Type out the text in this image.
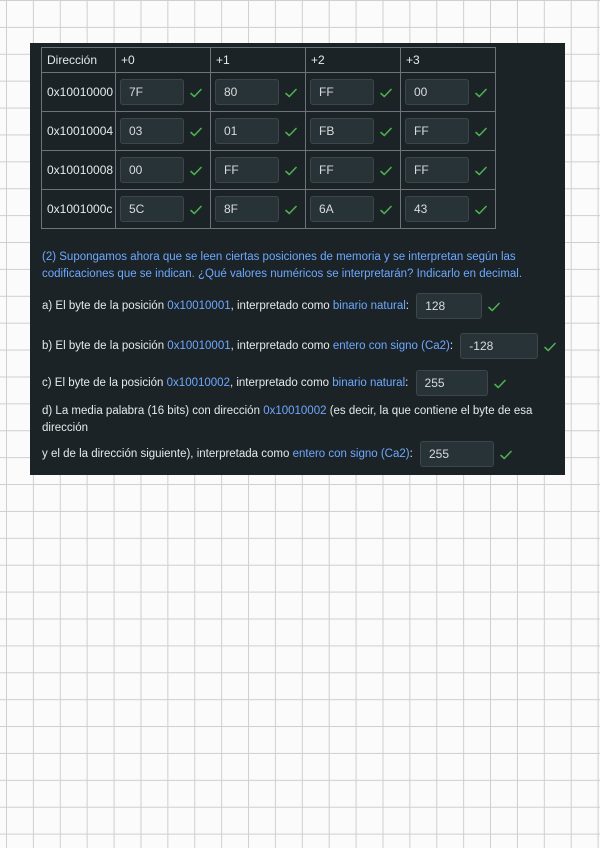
Dirección	+0	+1	+2	+3
0x10010000	7F	80	FF	00

0x10010004	03	01	FB	FF

0x10010008	00	FF	FF	FF

0x1001000c	5C	8F	6A	43
(2) Supongamos ahora que se leen ciertas posiciones de memoria y se interpretan según las codificaciones que se indican. ¿Qué valores numéricos se interpretarán? Indicarlo en decimal.
a) El byte de la posición 0x10010001, interpretado como binario natural:	128
b) El byte de la posición 0x10010001, interpretado como entero con signo (Ca2):	-128
c) El byte de la posición 0x10010002, interpretado como binario natural:	255
d) La media palabra (16 bits) con dirección 0x10010002 (es decir, la que contiene el byte de esa dirección
y el de la dirección siguiente), interpretada como entero con signo (Ca2):	255
